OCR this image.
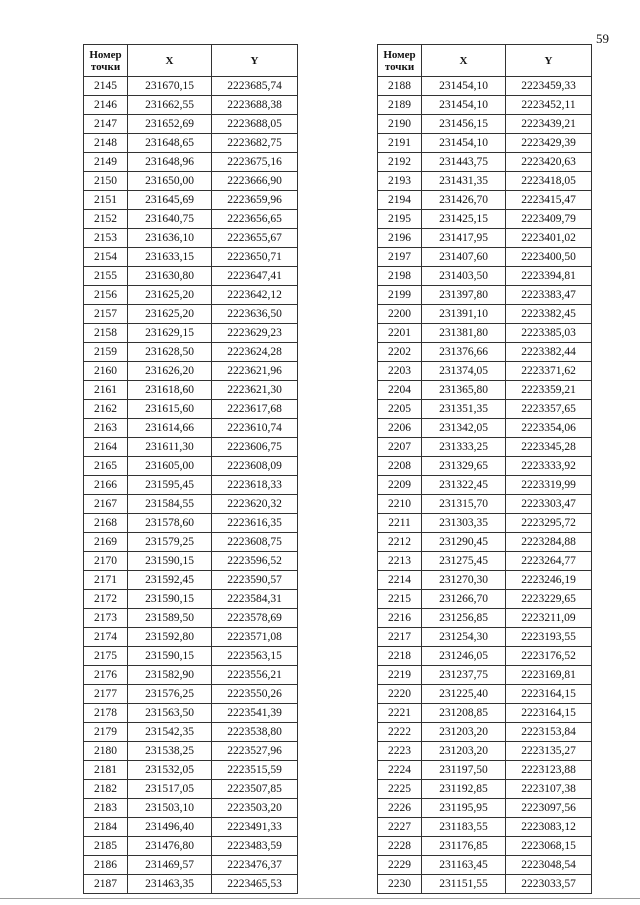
59
Номер
точки	X	Y
2145	231670,15	2223685,74
2146	231662,55	2223688,38
2147	231652,69	2223688,05
2148	231648,65	2223682,75
2149	231648,96	2223675,16
2150	231650,00	2223666,90
2151	231645,69	2223659,96
2152	231640,75	2223656,65
2153	231636,10	2223655,67
2154	231633,15	2223650,71
2155	231630,80	2223647,41
2156	231625,20	2223642,12
2157	231625,20	2223636,50
2158	231629,15	2223629,23
2159	231628,50	2223624,28
2160	231626,20	2223621,96
2161	231618,60	2223621,30
2162	231615,60	2223617,68
2163	231614,66	2223610,74
2164	231611,30	2223606,75
2165	231605,00	2223608,09
2166	231595,45	2223618,33
2167	231584,55	2223620,32
2168	231578,60	2223616,35
2169	231579,25	2223608,75
2170	231590,15	2223596,52
2171	231592,45	2223590,57
2172	231590,15	2223584,31
2173	231589,50	2223578,69
2174	231592,80	2223571,08
2175	231590,15	2223563,15
2176	231582,90	2223556,21
2177	231576,25	2223550,26
2178	231563,50	2223541,39
2179	231542,35	2223538,80
2180	231538,25	2223527,96
2181	231532,05	2223515,59
2182	231517,05	2223507,85
2183	231503,10	2223503,20
2184	231496,40	2223491,33
2185	231476,80	2223483,59
2186	231469,57	2223476,37
2187	231463,35	2223465,53
Номер
точки	X	Y
2188	231454,10	2223459,33
2189	231454,10	2223452,11
2190	231456,15	2223439,21
2191	231454,10	2223429,39
2192	231443,75	2223420,63
2193	231431,35	2223418,05
2194	231426,70	2223415,47
2195	231425,15	2223409,79
2196	231417,95	2223401,02
2197	231407,60	2223400,50
2198	231403,50	2223394,81
2199	231397,80	2223383,47
2200	231391,10	2223382,45
2201	231381,80	2223385,03
2202	231376,66	2223382,44
2203	231374,05	2223371,62
2204	231365,80	2223359,21
2205	231351,35	2223357,65
2206	231342,05	2223354,06
2207	231333,25	2223345,28
2208	231329,65	2223333,92
2209	231322,45	2223319,99
2210	231315,70	2223303,47
2211	231303,35	2223295,72
2212	231290,45	2223284,88
2213	231275,45	2223264,77
2214	231270,30	2223246,19
2215	231266,70	2223229,65
2216	231256,85	2223211,09
2217	231254,30	2223193,55
2218	231246,05	2223176,52
2219	231237,75	2223169,81
2220	231225,40	2223164,15
2221	231208,85	2223164,15
2222	231203,20	2223153,84
2223	231203,20	2223135,27
2224	231197,50	2223123,88
2225	231192,85	2223107,38
2226	231195,95	2223097,56
2227	231183,55	2223083,12
2228	231176,85	2223068,15
2229	231163,45	2223048,54
2230	231151,55	2223033,57
